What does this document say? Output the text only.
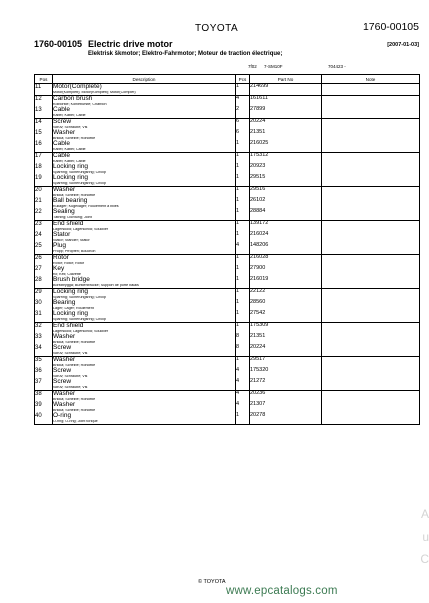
TOYOTA	1760-00105
1760-00105 Electric drive motor	[2007-01-03]
Elektrisk škmotor; Elektro-Fahrmotor; Moteur de traction électrique;
7f02 7-SM10F	704423 -
Pos	Description	Pcs	Part No	Note
11	Motor(Complete)
Motor(Komplett); Motor(Komplett); Motor(Complet)	1	214699	
12	Carbon brush
Kolborste; Kohlebürste; Charbon	4	161611	
13	Cable
Kabel; Kabel; Câble	2	27899	
14	Screw
Skruv; Schraube; Vis	6	20224	
15	Washer
Bricka; Scheibe; Rondelle	6	21351	
16	Cable
Kabel; Kabel; Câble	1	216025	
17	Cable
Kabel; Kabel; Câble	1	175312	
18	Locking ring
Spärring; Sicherungsring; Circlip	1	20923	
19	Locking ring
Spärring; Sicherungsring; Circlip	1	29515	
20	Washer
Bricka; Scheibe; Rondelle	1	29516	
21	Ball bearing
Kullager; Kugellager; Roulement à billes	1	26102	
22	Sealing
Tätning; Dichtung; Joint	1	28884	
23	End shield
Lagersköld; Lagerschild; Soucilier	1	139172	
24	Stator
Stator; Ständer; Stator	1	216024	
25	Plug
Propp; Pfropfen; Bouchon	4	148206	
26	Rotor
Rotor; Rotor; Rotor	1	216028	
27	Key
Kil; Keil; Clavette	1	27900	
28	Brush bridge
Borstbrygga; Bürstenbrücke; Support de porte balais	1	216019	
29	Locking ring
Spärring; Sicherungsring; Circlip	1	22122	
30	Bearing
Lager; Lager; Roulement	1	28560	
31	Locking ring
Spärring; Sicherungsring; Circlip	1	27542	
32	End shield
Lagersköld; Lagerschild; Soucilier	1	175309	
33	Washer
Bricka; Scheibe; Rondelle	8	21351	
34	Screw
Skruv; Schraube; Vis	8	20224	
35	Washer
Bricka; Scheibe; Rondelle	1	29517	
36	Screw
Skruv; Schraube; Vis	4	175320	
37	Screw
Skruv; Schraube; Vis	4	21272	
38	Washer
Bricka; Scheibe; Rondelle	4	20236	
39	Washer
Bricka; Scheibe; Rondelle	4	21307	
40	O-ring
O-ring; O-ring; Joint torique	1	20278	
© TOYOTA
www.epcatalogs.com
A
u
C
